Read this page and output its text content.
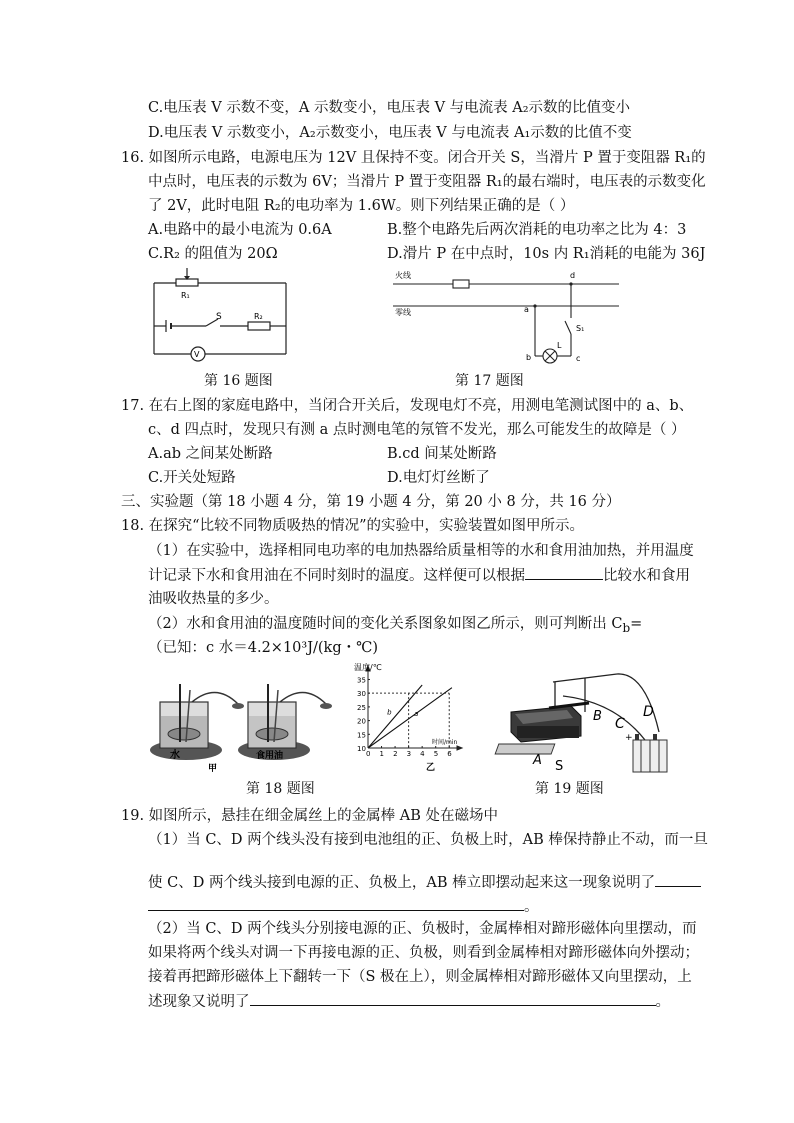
C.电压表 V 示数不变，A 示数变小，电压表 V 与电流表 A₂示数的比值变小
D.电压表 V 示数变小，A₂示数变小，电压表 V 与电流表 A₁示数的比值不变
16. 如图所示电路，电源电压为 12V 且保持不变。闭合开关 S，当滑片 P 置于变阻器 R₁的
中点时，电压表的示数为 6V；当滑片 P 置于变阻器 R₁的最右端时，电压表的示数变化
了 2V，此时电阻 R₂的电功率为 1.6W。则下列结果正确的是（ ）
A.电路中的最小电流为 0.6A	B.整个电路先后两次消耗的电功率之比为 4：3
C.R₂ 的阻值为 20Ω	D.滑片 P 在中点时，10s 内 R₁消耗的电能为 36J
R₁
S	R₂
V
火线
零线	a
b	c
d
S₁
L
第 16 题图	第 17 题图
17. 在右上图的家庭电路中，当闭合开关后，发现电灯不亮，用测电笔测试图中的 a、b、
c、d 四点时，发现只有测 a 点时测电笔的氖管不发光，那么可能发生的故障是（ ）
A.ab 之间某处断路	B.cd 间某处断路
C.开关处短路	D.电灯灯丝断了
三、实验题（第 18 小题 4 分，第 19 小题 4 分，第 20 小 8 分，共 16 分）
18. 在探究“比较不同物质吸热的情况”的实验中，实验装置如图甲所示。
（1）在实验中，选择相同电功率的电加热器给质量相等的水和食用油加热，并用温度
计记录下水和食用油在不同时刻时的温度。这样便可以根据	比较水和食用
油吸收热量的多少。
（2）水和食用油的温度随时间的变化关系图象如图乙所示，则可判断出 $C_b=$
（已知：c 水＝4.2×10³J/(kg・℃)
水	食用油
甲
b	a
0 1 2 3 4 5 6
10
15
20
25
30
35
温度/℃
时间/min
乙
+
B C
D
A S
第 18 题图	第 19 题图
19. 如图所示，悬挂在细金属丝上的金属棒 AB 处在磁场中
（1）当 C、D 两个线头没有接到电池组的正、负极上时，AB 棒保持静止不动，而一旦
使 C、D 两个线头接到电源的正、负极上，AB 棒立即摆动起来这一现象说明了
。
（2）当 C、D 两个线头分别接电源的正、负极时，金属棒相对蹄形磁体向里摆动，而
如果将两个线头对调一下再接电源的正、负极，则看到金属棒相对蹄形磁体向外摆动；
接着再把蹄形磁体上下翻转一下（S 极在上），则金属棒相对蹄形磁体又向里摆动，上
述现象又说明了	。
